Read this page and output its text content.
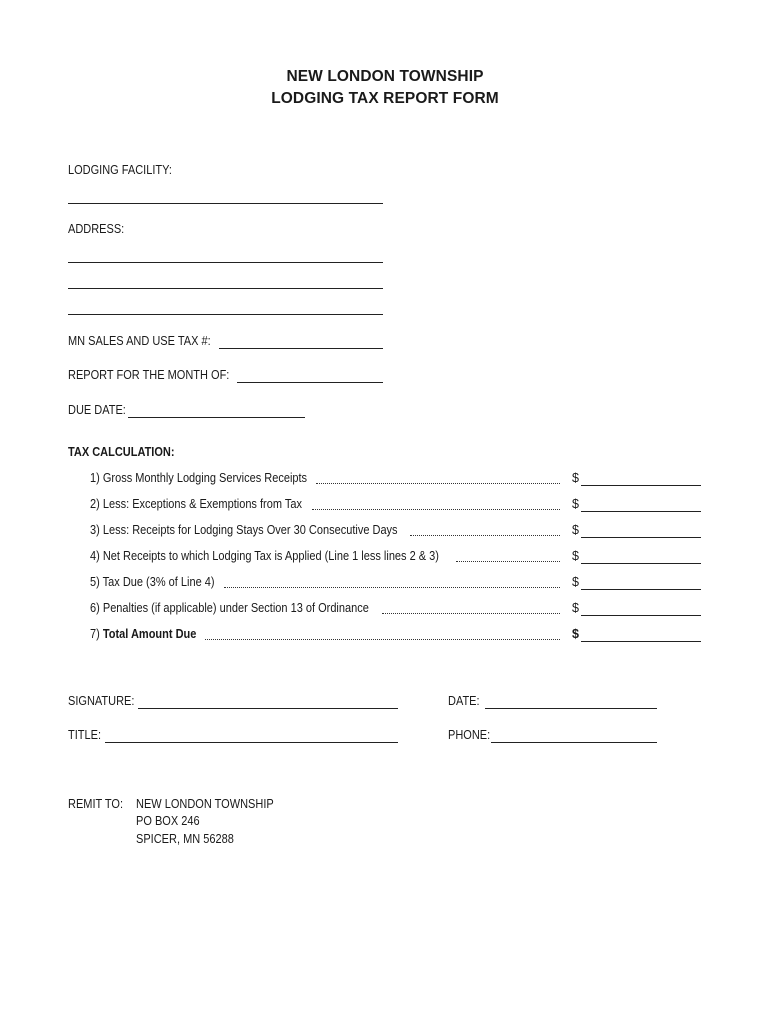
NEW LONDON TOWNSHIP
LODGING TAX REPORT FORM
LODGING FACILITY:
ADDRESS:
MN SALES AND USE TAX #:
REPORT FOR THE MONTH OF:
DUE DATE:
TAX CALCULATION:
1) Gross Monthly Lodging Services Receipts	$
2) Less: Exceptions & Exemptions from Tax	$
3) Less: Receipts for Lodging Stays Over 30 Consecutive Days	$
4) Net Receipts to which Lodging Tax is Applied (Line 1 less lines 2 & 3)	$
5) Tax Due (3% of Line 4)	$
6) Penalties (if applicable) under Section 13 of Ordinance	$
7) Total Amount Due	$
SIGNATURE:	DATE:
TITLE:	PHONE:
REMIT TO: NEW LONDON TOWNSHIP
PO BOX 246
SPICER, MN 56288
